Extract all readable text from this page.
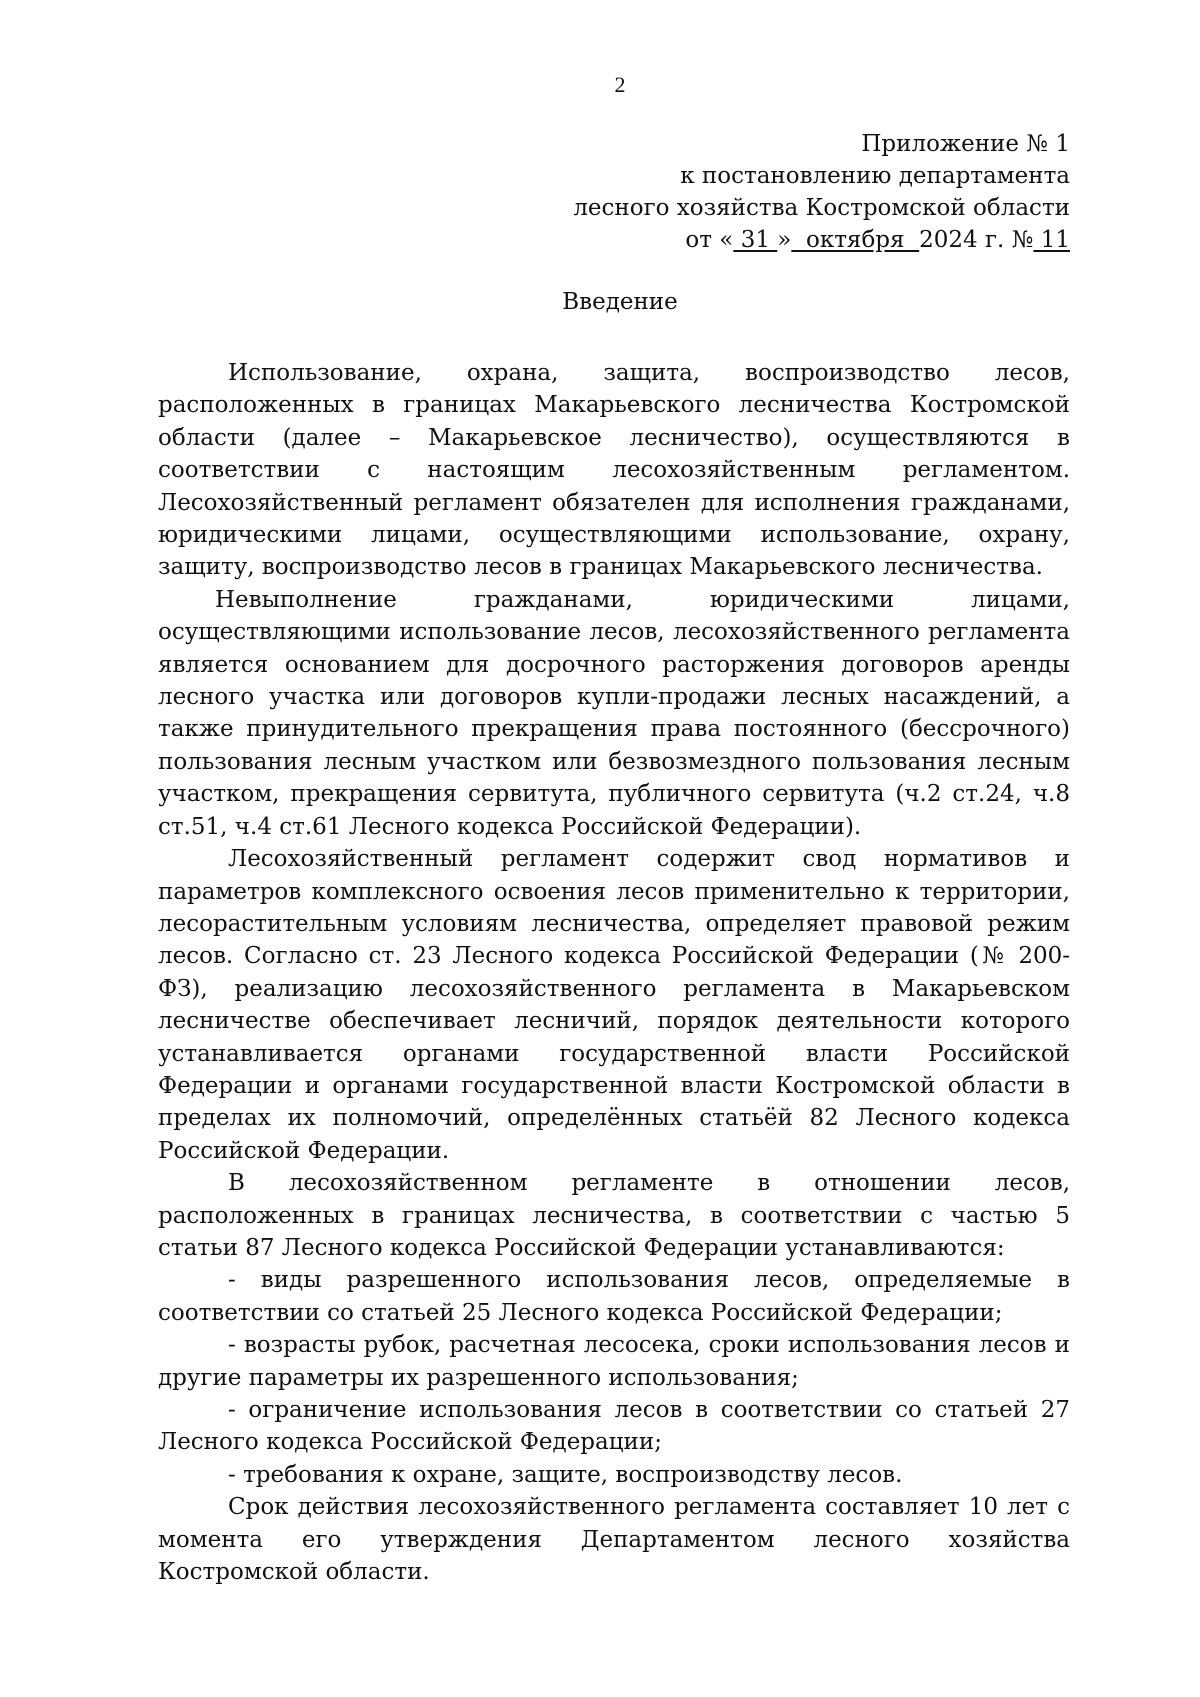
2
Приложение № 1
к постановлению департамента
лесного хозяйства Костромской области
от « 31 »  октября  2024 г. № 11
Введение

Использование, охрана, защита, воспроизводство лесов, расположенных в границах Макарьевского лесничества Костромской области (далее – Макарьевское лесничество), осуществляются в соответствии с настоящим лесохозяйственным регламентом. Лесохозяйственный регламент обязателен для исполнения гражданами, юридическими лицами, осуществляющими использование, охрану, защиту, воспроизводство лесов в границах Макарьевского лесничества.

Невыполнение гражданами, юридическими лицами, осуществляющими использование лесов, лесохозяйственного регламента является основанием для досрочного расторжения договоров аренды лесного участка или договоров купли-продажи лесных насаждений, а также принудительного прекращения права постоянного (бессрочного) пользования лесным участком или безвозмездного пользования лесным участком, прекращения сервитута, публичного сервитута (ч.2 ст.24, ч.8 ст.51, ч.4 ст.61 Лесного кодекса Российской Федерации).

Лесохозяйственный регламент содержит свод нормативов и параметров комплексного освоения лесов применительно к территории, лесорастительным условиям лесничества, определяет правовой режим лесов. Согласно ст. 23 Лесного кодекса Российской Федерации (№ 200-ФЗ), реализацию лесохозяйственного регламента в Макарьевском лесничестве обеспечивает лесничий, порядок деятельности которого устанавливается органами государственной власти Российской Федерации и органами государственной власти Костромской области в пределах их полномочий, определённых статьёй 82 Лесного кодекса Российской Федерации.

В лесохозяйственном регламенте в отношении лесов, расположенных в границах лесничества, в соответствии с частью 5 статьи 87 Лесного кодекса Российской Федерации устанавливаются:

- виды разрешенного использования лесов, определяемые в соответствии со статьей 25 Лесного кодекса Российской Федерации;

- возрасты рубок, расчетная лесосека, сроки использования лесов и другие параметры их разрешенного использования;

- ограничение использования лесов в соответствии со статьей 27 Лесного кодекса Российской Федерации;

- требования к охране, защите, воспроизводству лесов.

Срок действия лесохозяйственного регламента составляет 10 лет с момента его утверждения Департаментом лесного хозяйства Костромской области.
